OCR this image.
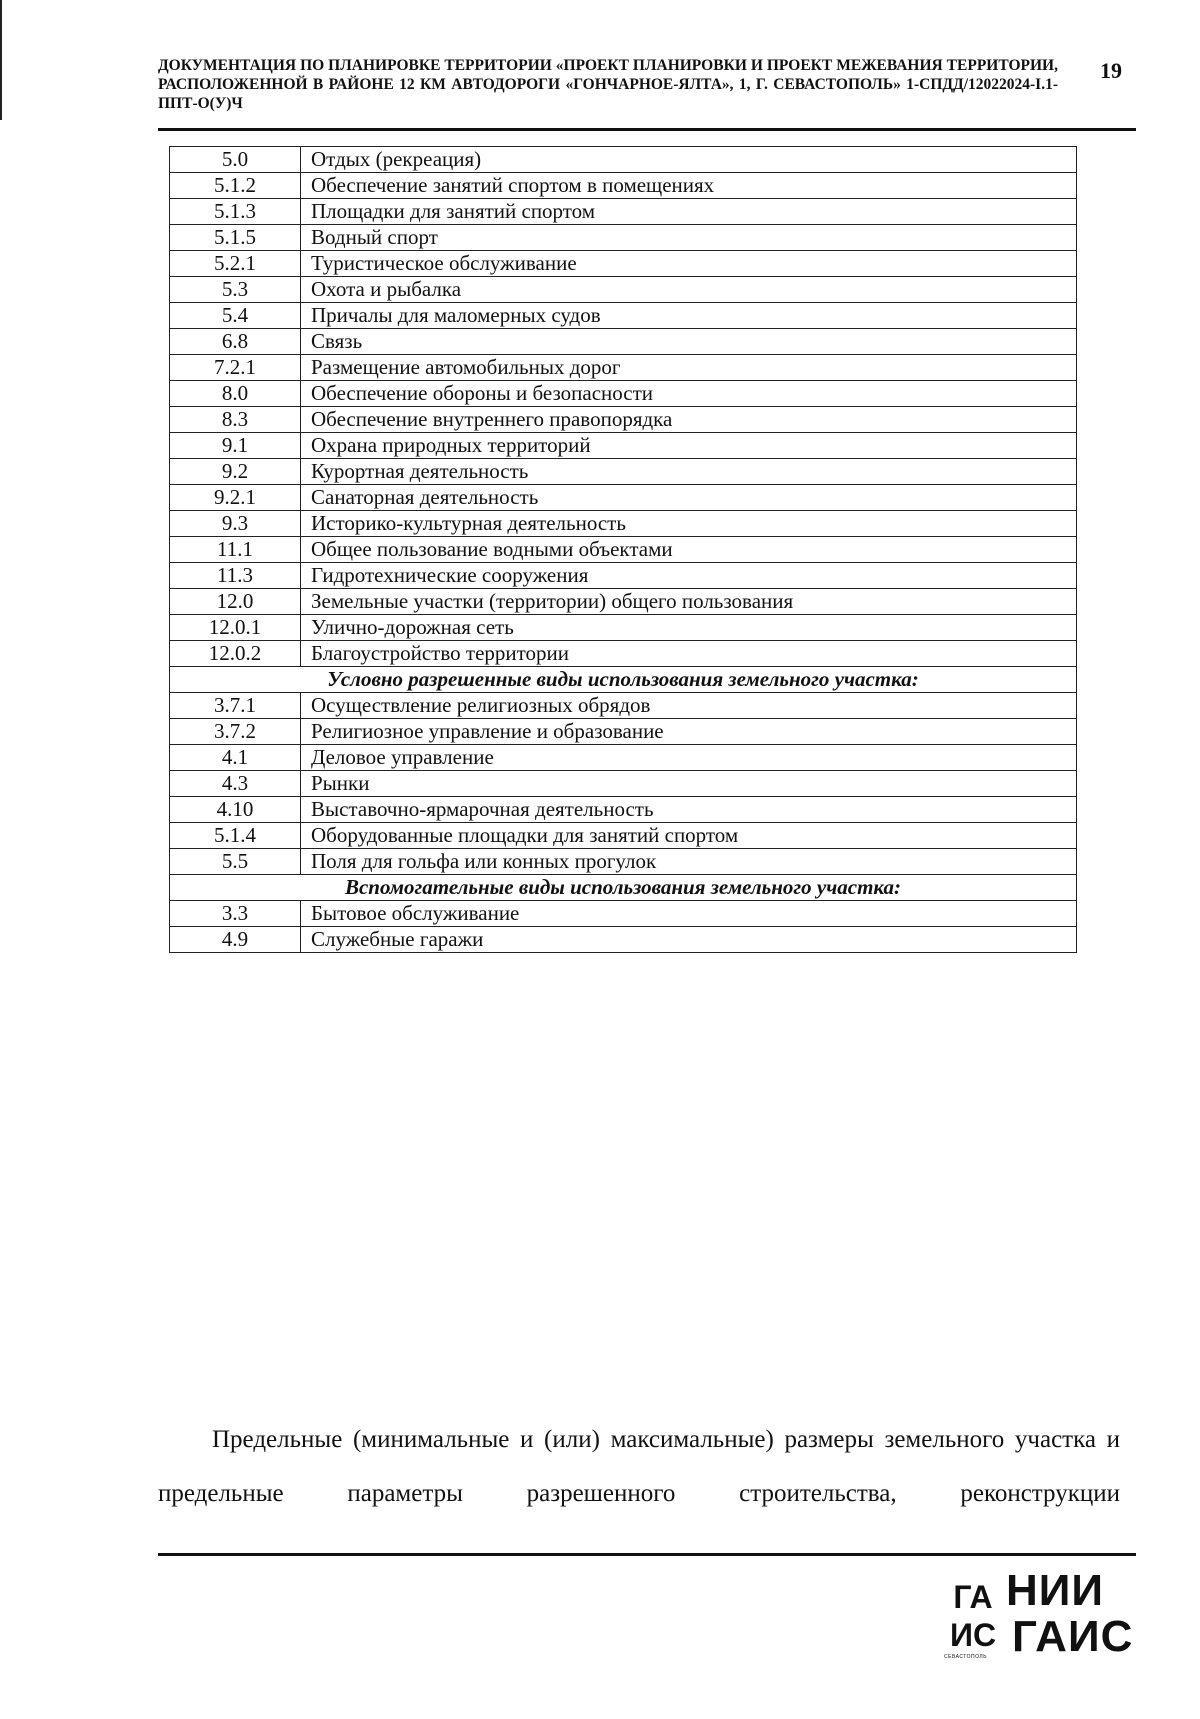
ДОКУМЕНТАЦИЯ ПО ПЛАНИРОВКЕ ТЕРРИТОРИИ «ПРОЕКТ ПЛАНИРОВКИ И ПРОЕКТ МЕЖЕВАНИЯ ТЕРРИТОРИИ, РАСПОЛОЖЕННОЙ В РАЙОНЕ 12 КМ АВТОДОРОГИ «ГОНЧАРНОЕ-ЯЛТА», 1, Г. СЕВАСТОПОЛЬ» 1-СПДД/12022024-I.1-ППТ-О(У)Ч
19
5.0	Отдых (рекреация)
5.1.2	Обеспечение занятий спортом в помещениях
5.1.3	Площадки для занятий спортом
5.1.5	Водный спорт
5.2.1	Туристическое обслуживание
5.3	Охота и рыбалка
5.4	Причалы для маломерных судов
6.8	Связь
7.2.1	Размещение автомобильных дорог
8.0	Обеспечение обороны и безопасности
8.3	Обеспечение внутреннего правопорядка
9.1	Охрана природных территорий
9.2	Курортная деятельность
9.2.1	Санаторная деятельность
9.3	Историко-культурная деятельность
11.1	Общее пользование водными объектами
11.3	Гидротехнические сооружения
12.0	Земельные участки (территории) общего пользования
12.0.1	Улично-дорожная сеть
12.0.2	Благоустройство территории
Условно разрешенные виды использования земельного участка:	
3.7.1	Осуществление религиозных обрядов
3.7.2	Религиозное управление и образование
4.1	Деловое управление
4.3	Рынки
4.10	Выставочно-ярмарочная деятельность
5.1.4	Оборудованные площадки для занятий спортом
5.5	Поля для гольфа или конных прогулок
Вспомогательные виды использования земельного участка:	
3.3	Бытовое обслуживание
4.9	Служебные гаражи
Предельные (минимальные и (или) максимальные) размеры земельного участка и предельные параметры разрешенного строительства, реконструкции
ГА
ИС
НИИ
ГАИС
СЕВАСТОПОЛЬ
